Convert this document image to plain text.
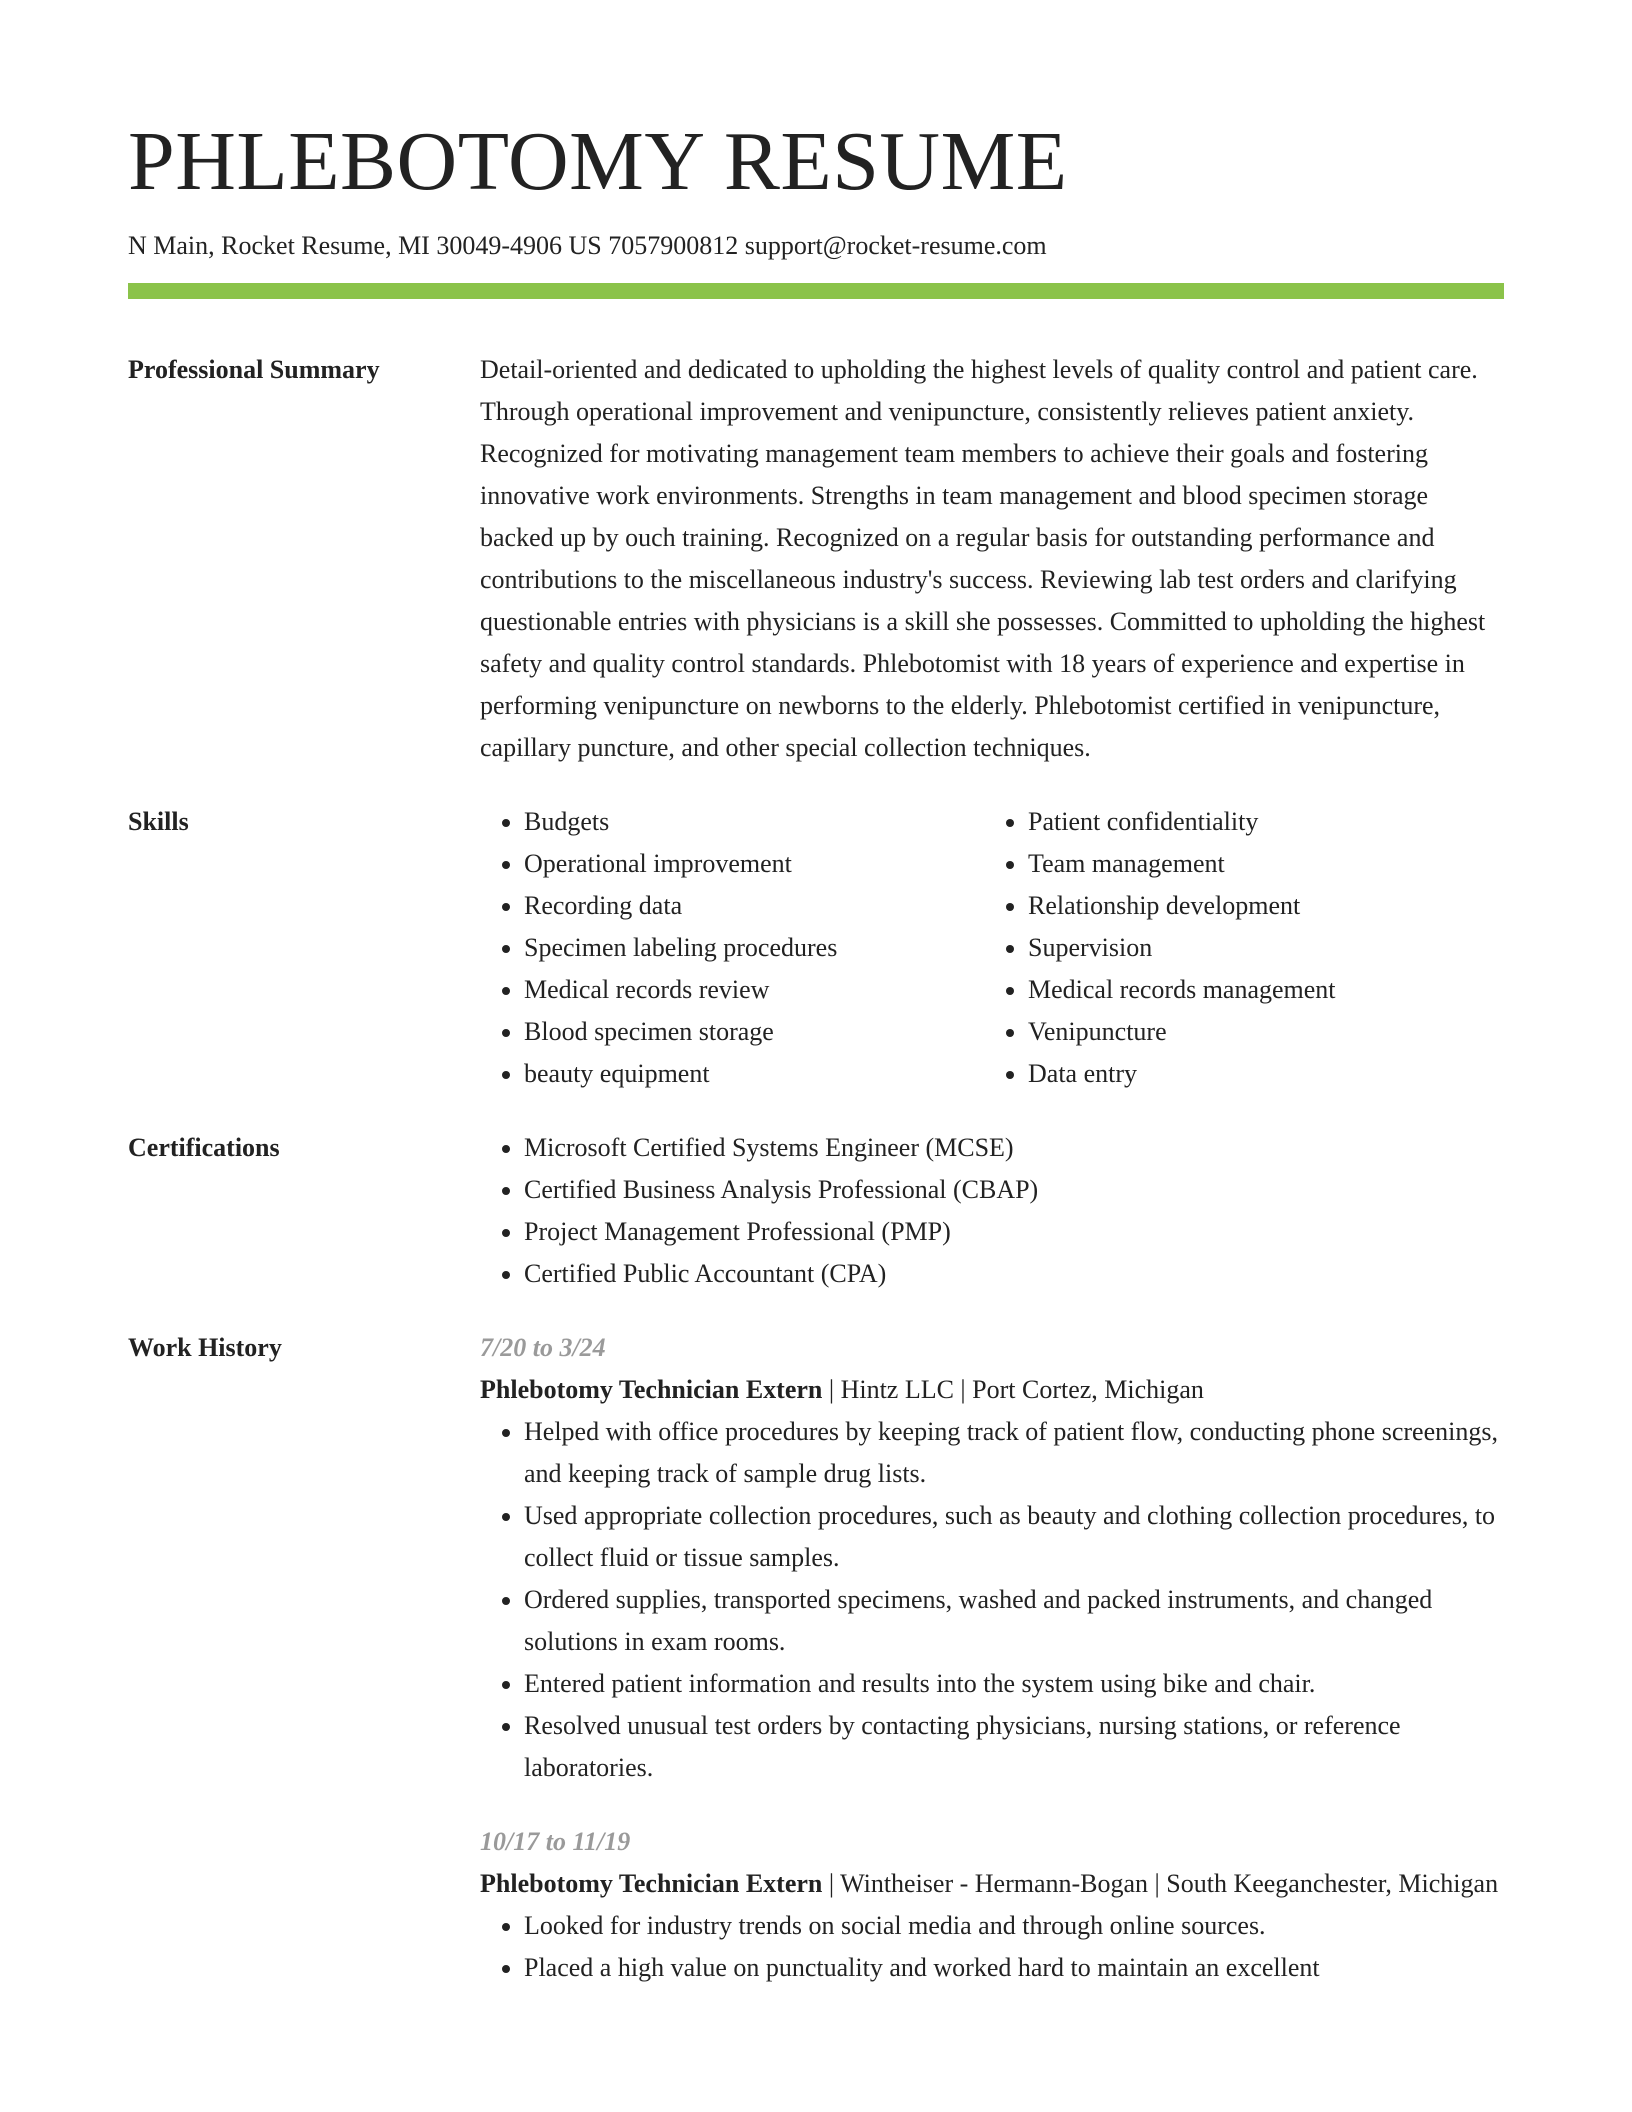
PHLEBOTOMY RESUME
N Main, Rocket Resume, MI 30049-4906 US 7057900812 support@rocket-resume.com
Professional Summary	Detail-oriented and dedicated to upholding the highest levels of quality control and patient care. Through operational improvement and venipuncture, consistently relieves patient anxiety. Recognized for motivating management team members to achieve their goals and fostering innovative work environments. Strengths in team management and blood specimen storage backed up by ouch training. Recognized on a regular basis for outstanding performance and contributions to the miscellaneous industry's success. Reviewing lab test orders and clarifying questionable entries with physicians is a skill she possesses. Committed to upholding the highest safety and quality control standards. Phlebotomist with 18 years of experience and expertise in performing venipuncture on newborns to the elderly. Phlebotomist certified in venipuncture, capillary puncture, and other special collection techniques.
Skills	• Budgets
• Operational improvement
• Recording data
• Specimen labeling procedures
• Medical records review
• Blood specimen storage
• beauty equipment
• Patient confidentiality
• Team management
• Relationship development
• Supervision
• Medical records management
• Venipuncture
• Data entry
Certifications	• Microsoft Certified Systems Engineer (MCSE)
• Certified Business Analysis Professional (CBAP)
• Project Management Professional (PMP)
• Certified Public Accountant (CPA)
Work History	7/20 to 3/24
Phlebotomy Technician Extern | Hintz LLC | Port Cortez, Michigan
• Helped with office procedures by keeping track of patient flow, conducting phone screenings, and keeping track of sample drug lists.
• Used appropriate collection procedures, such as beauty and clothing collection procedures, to collect fluid or tissue samples.
• Ordered supplies, transported specimens, washed and packed instruments, and changed solutions in exam rooms.
• Entered patient information and results into the system using bike and chair.
• Resolved unusual test orders by contacting physicians, nursing stations, or reference laboratories.
10/17 to 11/19
Phlebotomy Technician Extern | Wintheiser - Hermann-Bogan | South Keeganchester, Michigan
• Looked for industry trends on social media and through online sources.
• Placed a high value on punctuality and worked hard to maintain an excellent
